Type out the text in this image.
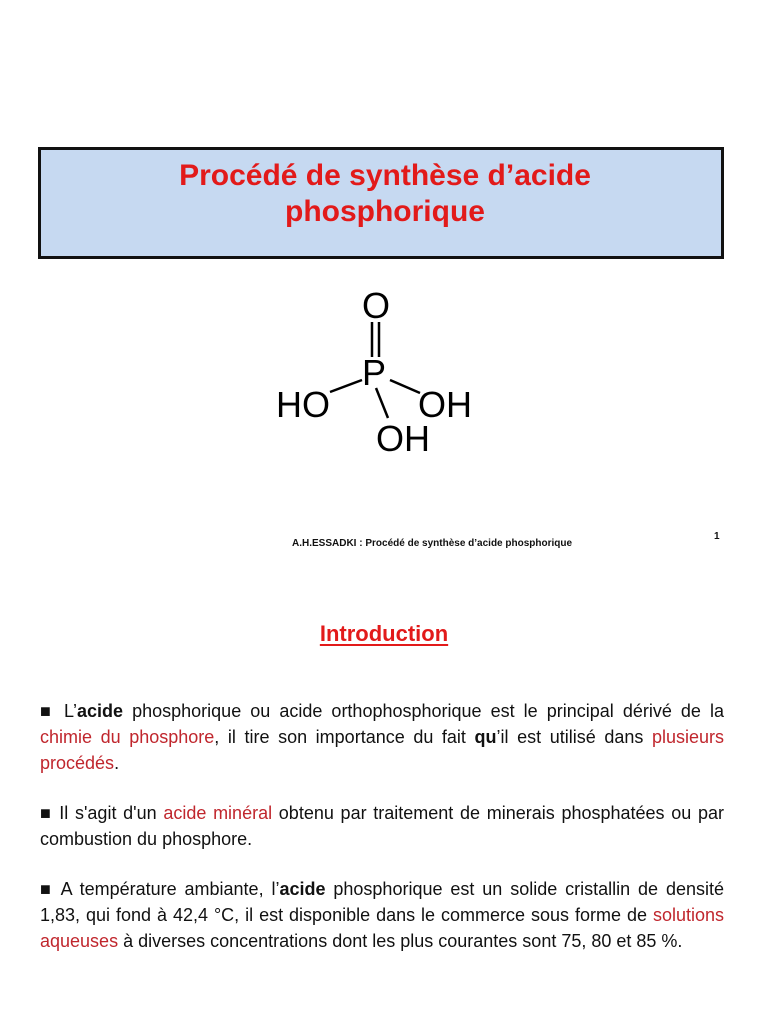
Procédé de synthèse d’acide
phosphorique
O
P
HO OH
OH
A.H.ESSADKI : Procédé de synthèse d’acide phosphorique
1
Introduction

■ L’acide phosphorique ou acide orthophosphorique est le principal dérivé de la chimie du phosphore, il tire son importance du fait qu’il est utilisé dans plusieurs procédés.

■ Il s'agit d'un acide minéral obtenu par traitement de minerais phosphatées ou par combustion du phosphore.

■ A température ambiante, l’acide phosphorique est un solide cristallin de densité 1,83, qui fond à 42,4 °C, il est disponible dans le commerce sous forme de solutions aqueuses à diverses concentrations dont les plus courantes sont 75, 80 et 85 %.
